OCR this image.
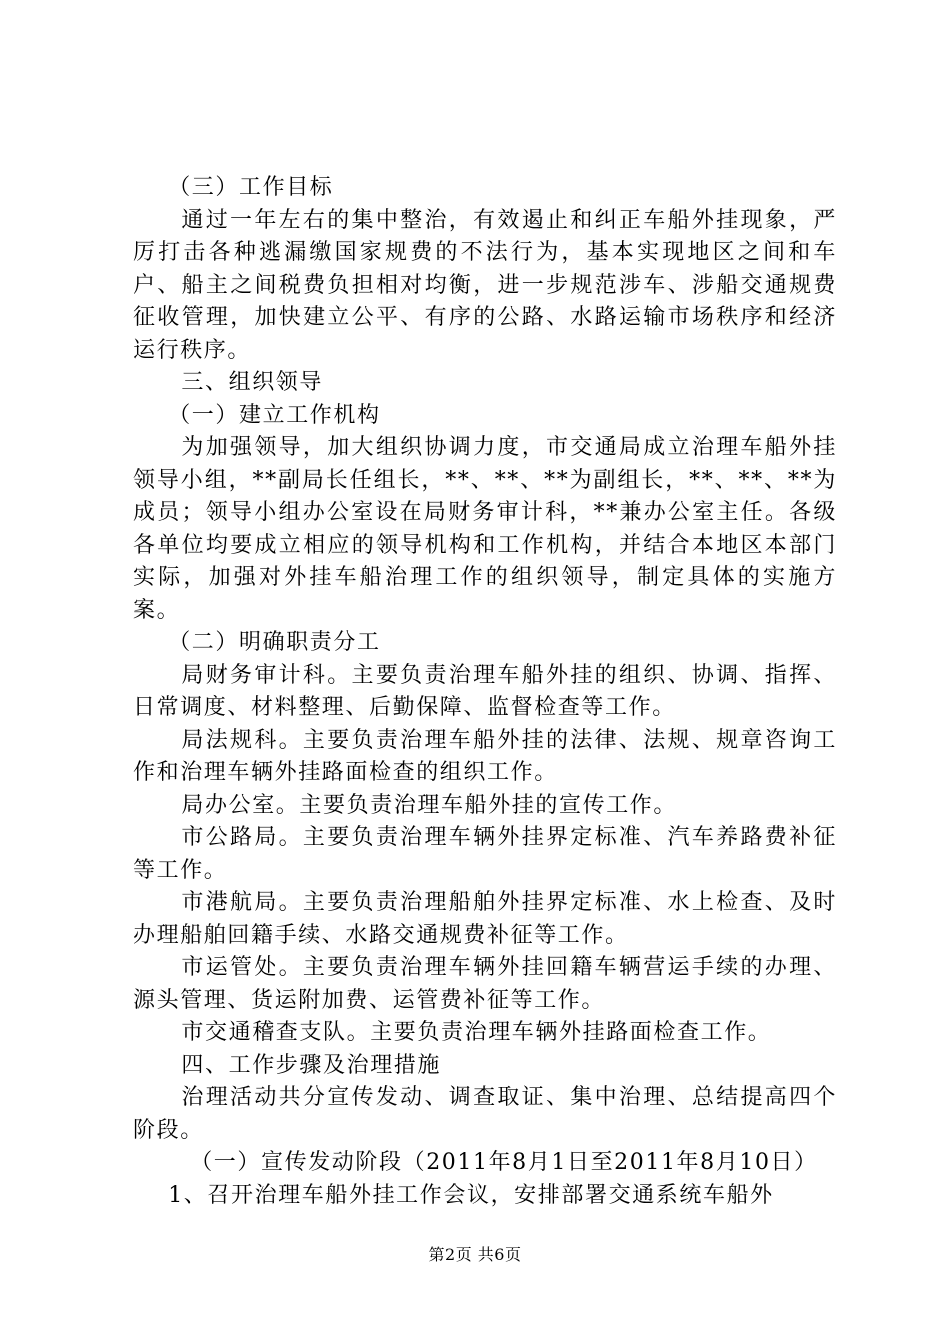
（三）工作目标

通过一年左右的集中整治，有效遏止和纠正车船外挂现象，严厉打击各种逃漏缴国家规费的不法行为，基本实现地区之间和车户、船主之间税费负担相对均衡，进一步规范涉车、涉船交通规费征收管理，加快建立公平、有序的公路、水路运输市场秩序和经济运行秩序。

三、组织领导

（一）建立工作机构

为加强领导，加大组织协调力度，市交通局成立治理车船外挂领导小组，**副局长任组长，**、**、**为副组长，**、**、**为成员；领导小组办公室设在局财务审计科，**兼办公室主任。各级各单位均要成立相应的领导机构和工作机构，并结合本地区本部门实际，加强对外挂车船治理工作的组织领导，制定具体的实施方案。

（二）明确职责分工

局财务审计科。主要负责治理车船外挂的组织、协调、指挥、日常调度、材料整理、后勤保障、监督检查等工作。

局法规科。主要负责治理车船外挂的法律、法规、规章咨询工作和治理车辆外挂路面检查的组织工作。

局办公室。主要负责治理车船外挂的宣传工作。

市公路局。主要负责治理车辆外挂界定标准、汽车养路费补征等工作。

市港航局。主要负责治理船舶外挂界定标准、水上检查、及时办理船舶回籍手续、水路交通规费补征等工作。

市运管处。主要负责治理车辆外挂回籍车辆营运手续的办理、源头管理、货运附加费、运管费补征等工作。

市交通稽查支队。主要负责治理车辆外挂路面检查工作。

四、工作步骤及治理措施

治理活动共分宣传发动、调查取证、集中治理、总结提高四个阶段。

（一）宣传发动阶段（2011年8月1日至2011年8月10日）

1、召开治理车船外挂工作会议，安排部署交通系统车船外

第2页 共6页
